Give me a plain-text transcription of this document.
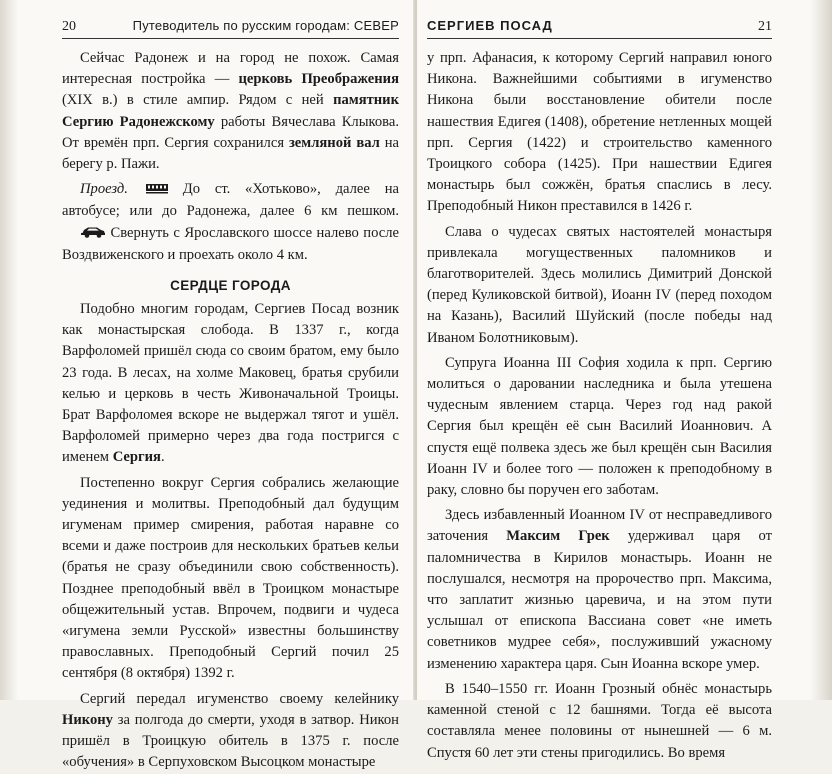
20	Путеводитель по русским городам: СЕВЕР

Сейчас Радонеж и на город не похож. Самая интересная постройка — церковь Преображения (XIX в.) в стиле ампир. Рядом с ней памятник Сергию Радонежскому работы Вячеслава Клыкова. От времён прп. Сергия сохранился земляной вал на берегу р. Пажи.

Проезд.	До ст. «Хотьково», далее на автобусе; или до Радонежа, далее 6 км пешком.  Свернуть с Ярославского шоссе налево после Воздвиженского и проехать около 4 км.

СЕРДЦЕ ГОРОДА

Подобно многим городам, Сергиев Посад возник как монастырская слобода. В 1337 г., когда Варфоломей пришёл сюда со своим братом, ему было 23 года. В лесах, на холме Маковец, братья срубили келью и церковь в честь Живоначальной Троицы. Брат Варфоломея вскоре не выдержал тягот и ушёл. Варфоломей примерно через два года постригся с именем Сергия.

Постепенно вокруг Сергия собрались желающие уединения и молитвы. Преподобный дал будущим игуменам пример смирения, работая наравне со всеми и даже построив для нескольких братьев кельи (братья не сразу объединили свою собственность). Позднее преподобный ввёл в Троицком монастыре общежительный устав. Впрочем, подвиги и чудеса «игумена земли Русской» известны большинству православных. Преподобный Сергий почил 25 сентября (8 октября) 1392 г.

Сергий передал игуменство своему келейнику Никону за полгода до смерти, уходя в затвор. Никон пришёл в Троицкую обитель в 1375 г. после «обучения» в Серпуховском Высоцком монастыре

СЕРГИЕВ ПОСАД	21

у прп. Афанасия, к которому Сергий направил юного Никона. Важнейшими событиями в игуменство Никона были восстановление обители после нашествия Едигея (1408), обретение нетленных мощей прп. Сергия (1422) и строительство каменного Троицкого собора (1425). При нашествии Едигея монастырь был сожжён, братья спаслись в лесу. Преподобный Никон преставился в 1426 г.

Слава о чудесах святых настоятелей монастыря привлекала могущественных паломников и благотворителей. Здесь молились Димитрий Донской (перед Куликовской битвой), Иоанн IV (перед походом на Казань), Василий Шуйский (после победы над Иваном Болотниковым).

Супруга Иоанна III София ходила к прп. Сергию молиться о даровании наследника и была утешена чудесным явлением старца. Через год над ракой Сергия был крещён её сын Василий Иоаннович. А спустя ещё полвека здесь же был крещён сын Василия Иоанн IV и более того — положен к преподобному в раку, словно бы поручен его заботам.

Здесь избавленный Иоанном IV от несправедливого заточения Максим Грек удерживал царя от паломничества в Кирилов монастырь. Иоанн не послушался, несмотря на пророчество прп. Максима, что заплатит жизнью царевича, и на этом пути услышал от епископа Вассиана совет «не иметь советников мудрее себя», послуживший ужасному изменению характера царя. Сын Иоанна вскоре умер.

В 1540–1550 гг. Иоанн Грозный обнёс монастырь каменной стеной с 12 башнями. Тогда её высота составляла менее половины от нынешней — 6 м. Спустя 60 лет эти стены пригодились. Во время
